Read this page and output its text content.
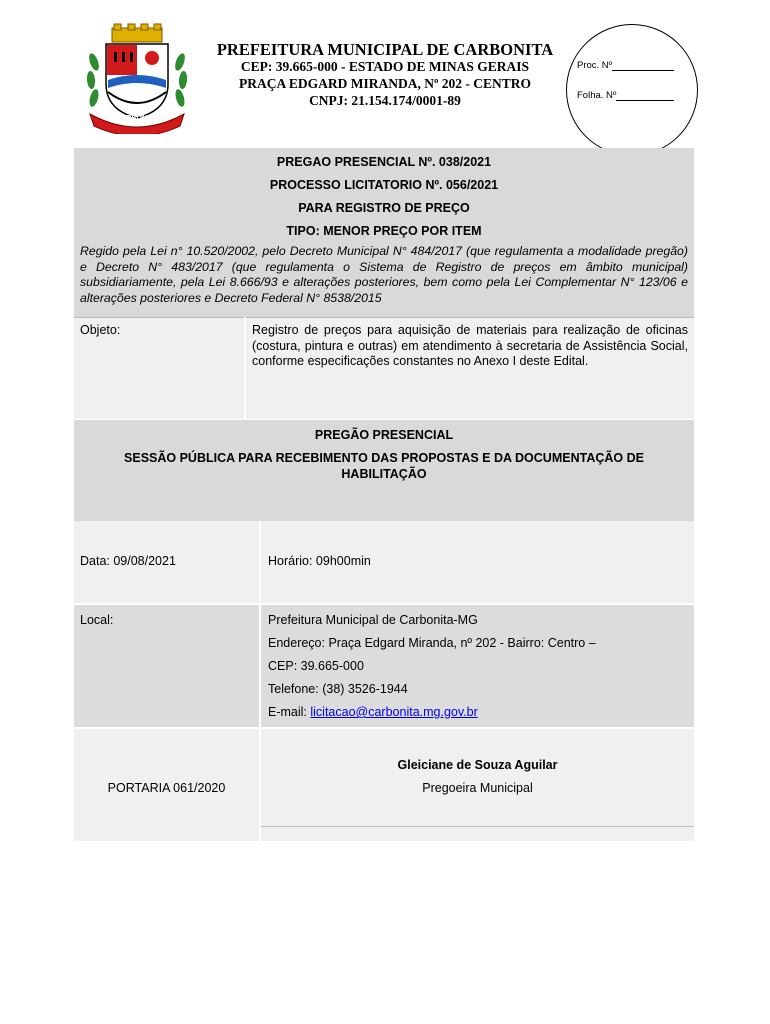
CARBONITA
PREFEITURA MUNICIPAL DE CARBONITA
CEP: 39.665-000 - ESTADO DE MINAS GERAIS
PRAÇA EDGARD MIRANDA, Nº 202 - CENTRO
CNPJ: 21.154.174/0001-89
Proc. Nº
Folha. Nº
PREGAO PRESENCIAL Nº. 038/2021
PROCESSO LICITATORIO Nº. 056/2021
PARA REGISTRO DE PREÇO
TIPO: MENOR PREÇO POR ITEM
Regido pela Lei n° 10.520/2002, pelo Decreto Municipal N° 484/2017 (que regulamenta a modalidade pregão) e Decreto N° 483/2017 (que regulamenta o Sistema de Registro de preços em âmbito municipal) subsidiariamente, pela Lei 8.666/93 e alterações posteriores, bem como pela Lei Complementar N° 123/06 e alterações posteriores e Decreto Federal N° 8538/2015
Objeto:	Registro de preços para aquisição de materiais para realização de oficinas (costura, pintura e outras) em atendimento à secretaria de Assistência Social, conforme especificações constantes no Anexo I deste Edital.
PREGÃO PRESENCIAL
SESSÃO PÚBLICA PARA RECEBIMENTO DAS PROPOSTAS E DA DOCUMENTAÇÃO DE
HABILITAÇÃO
Data: 09/08/2021	Horário: 09h00min
Local:	Prefeitura Municipal de Carbonita-MG
Endereço: Praça Edgard Miranda, nº 202 - Bairro: Centro –
CEP: 39.665-000
Telefone: (38) 3526-1944
E-mail: licitacao@carbonita.mg.gov.br
PORTARIA 061/2020
Gleiciane de Souza Aguilar
Pregoeira Municipal
